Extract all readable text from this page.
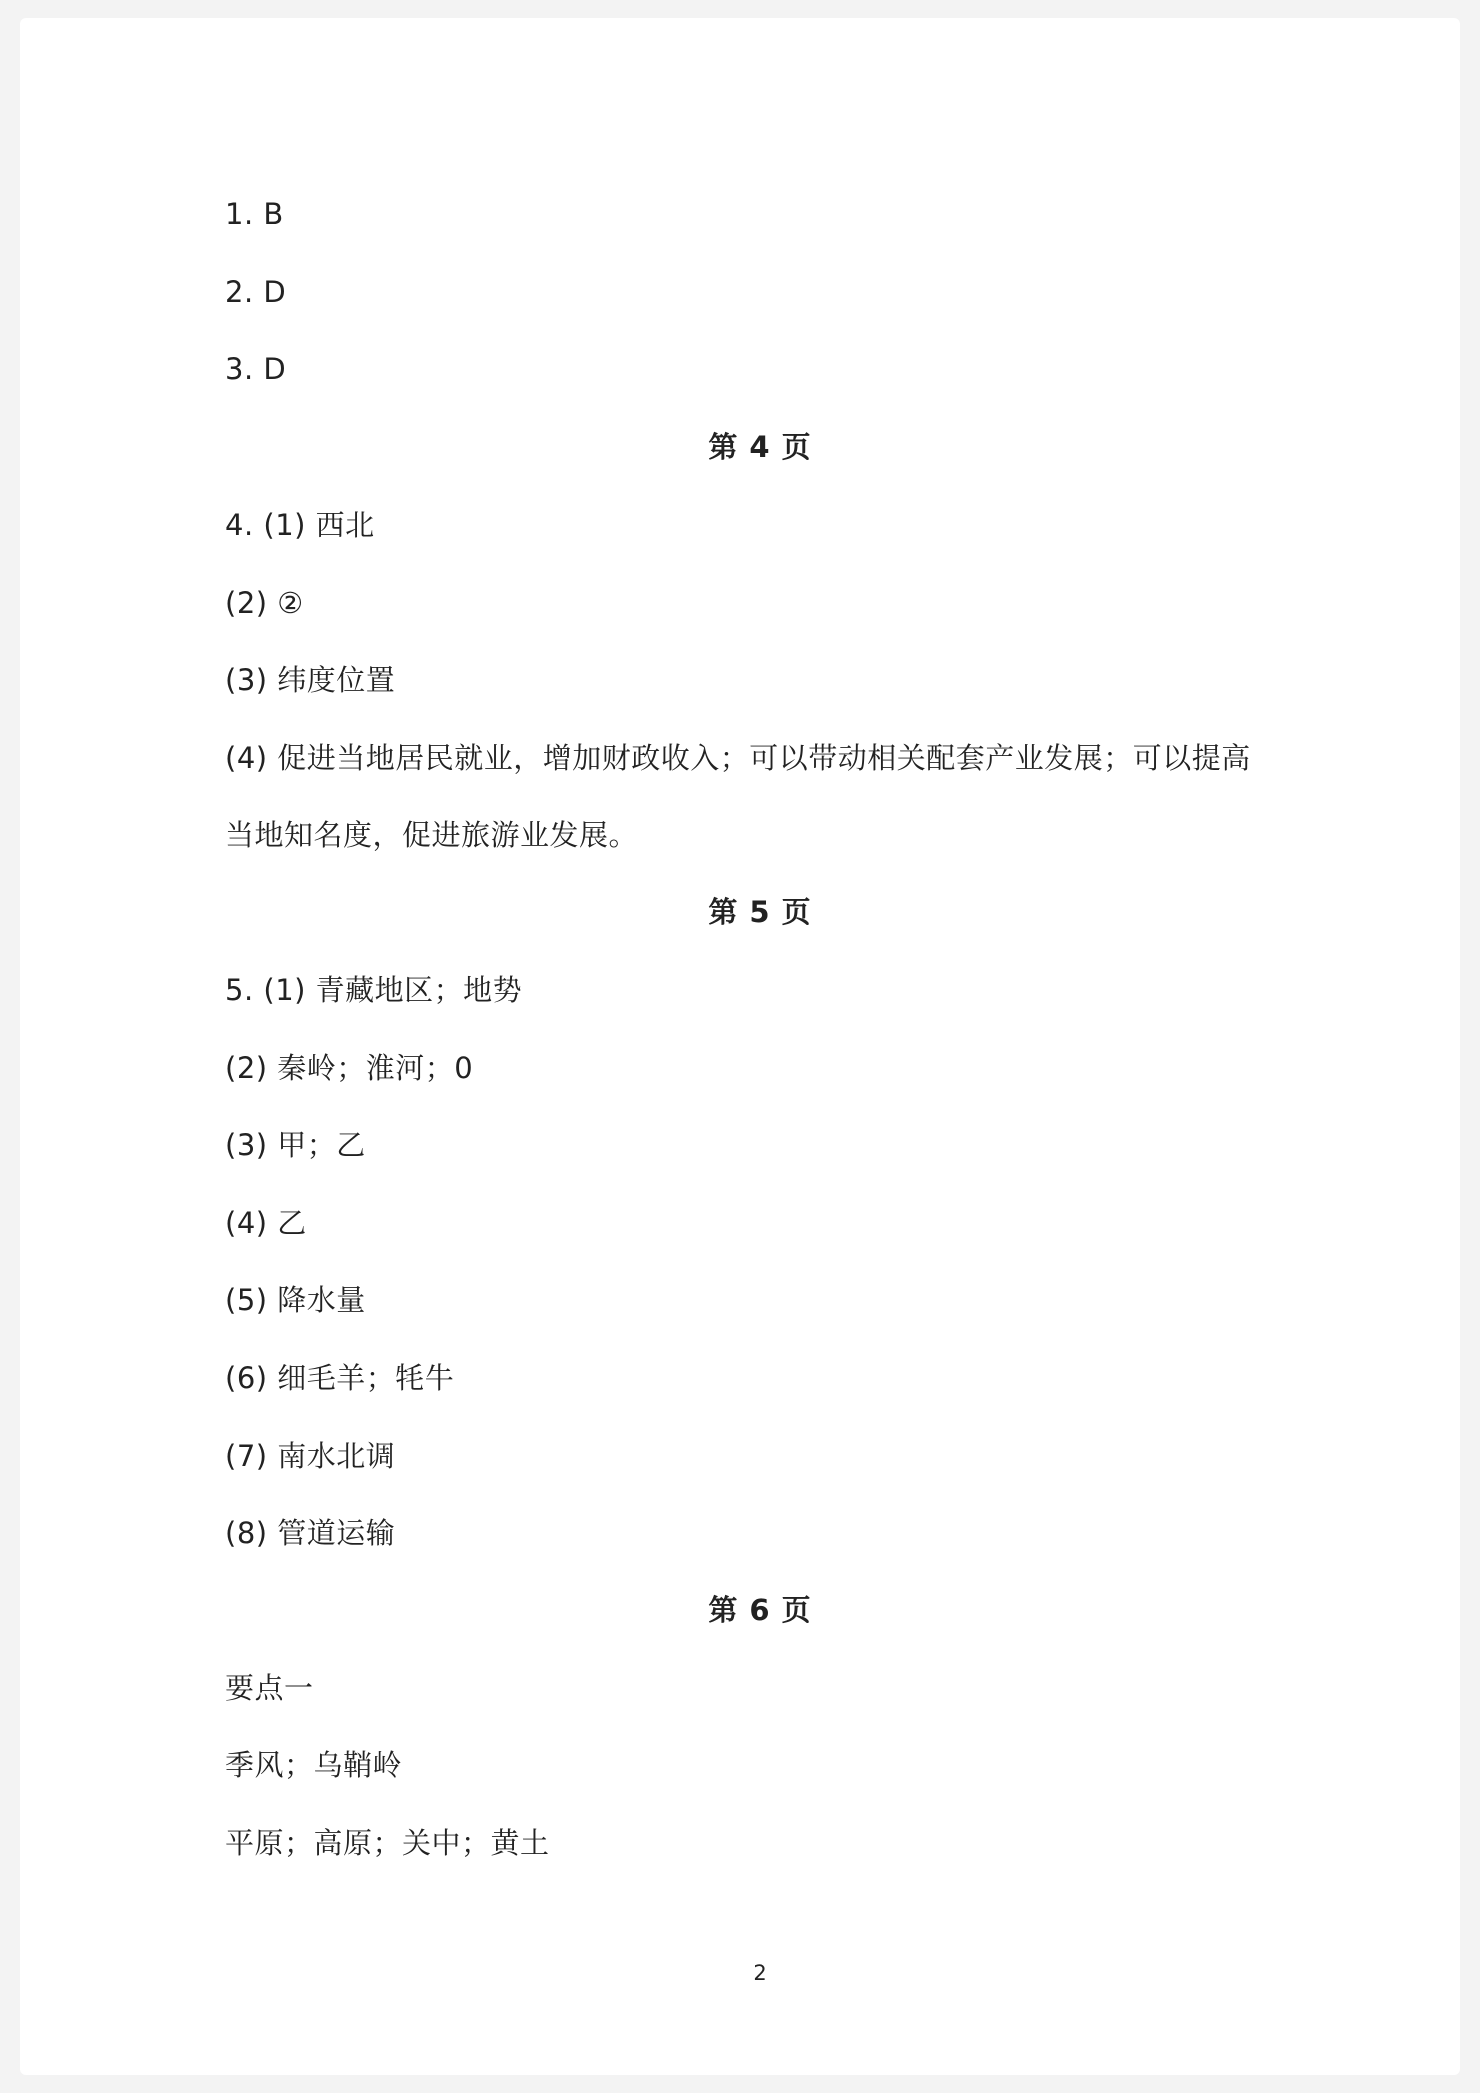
1. B
2. D
3. D
第 4 页
4. (1) 西北
(2) ②
(3) 纬度位置
(4) 促进当地居民就业，增加财政收入；可以带动相关配套产业发展；可以提高
当地知名度，促进旅游业发展。
第 5 页
5. (1) 青藏地区；地势
(2) 秦岭；淮河；0
(3) 甲；乙
(4) 乙
(5) 降水量
(6) 细毛羊；牦牛
(7) 南水北调
(8) 管道运输
第 6 页
要点一
季风；乌鞘岭
平原；高原；关中；黄土
2
